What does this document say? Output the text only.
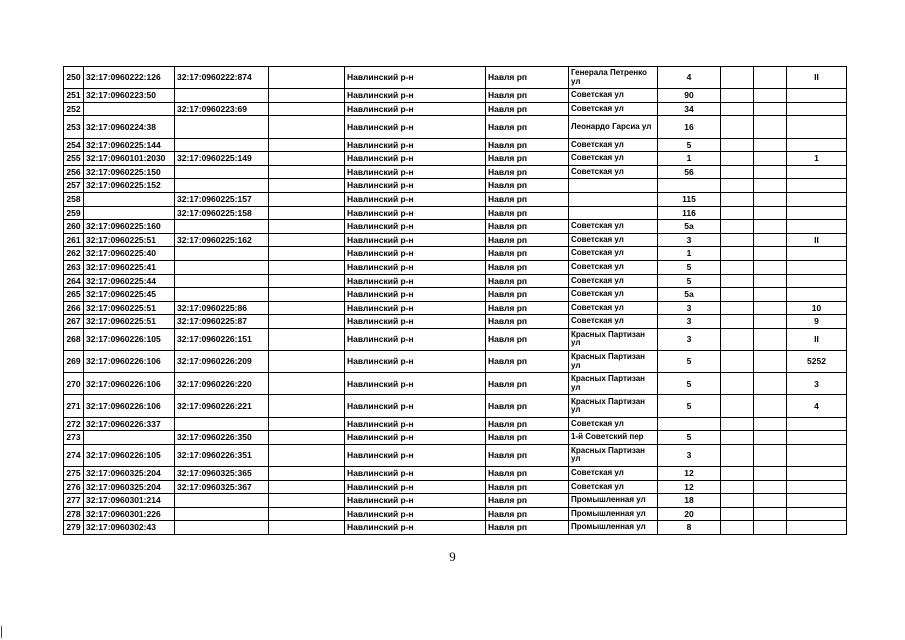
250	32:17:0960222:126	32:17:0960222:874		Навлинский р-н	Навля рп	Генерала Петренко ул	4			II
251	32:17:0960223:50			Навлинский р-н	Навля рп	Советская ул	90			
252		32:17:0960223:69		Навлинский р-н	Навля рп	Советская ул	34			
253	32:17:0960224:38			Навлинский р-н	Навля рп	Леонардо Гарсиа ул	16			
254	32:17:0960225:144			Навлинский р-н	Навля рп	Советская ул	5			
255	32:17:0960101:2030	32:17:0960225:149		Навлинский р-н	Навля рп	Советская ул	1			1
256	32:17:0960225:150			Навлинский р-н	Навля рп	Советская ул	56			
257	32:17:0960225:152			Навлинский р-н	Навля рп					
258		32:17:0960225:157		Навлинский р-н	Навля рп		115			
259		32:17:0960225:158		Навлинский р-н	Навля рп		116			
260	32:17:0960225:160			Навлинский р-н	Навля рп	Советская ул	5а			
261	32:17:0960225:51	32:17:0960225:162		Навлинский р-н	Навля рп	Советская ул	3			II
262	32:17:0960225:40			Навлинский р-н	Навля рп	Советская ул	1			
263	32:17:0960225:41			Навлинский р-н	Навля рп	Советская ул	5			
264	32:17:0960225:44			Навлинский р-н	Навля рп	Советская ул	5			
265	32:17:0960225:45			Навлинский р-н	Навля рп	Советская ул	5а			
266	32:17:0960225:51	32:17:0960225:86		Навлинский р-н	Навля рп	Советская ул	3			10
267	32:17:0960225:51	32:17:0960225:87		Навлинский р-н	Навля рп	Советская ул	3			9
268	32:17:0960226:105	32:17:0960226:151		Навлинский р-н	Навля рп	Красных Партизан ул	3			II
269	32:17:0960226:106	32:17:0960226:209		Навлинский р-н	Навля рп	Красных Партизан ул	5			5252
270	32:17:0960226:106	32:17:0960226:220		Навлинский р-н	Навля рп	Красных Партизан ул	5			3
271	32:17:0960226:106	32:17:0960226:221		Навлинский р-н	Навля рп	Красных Партизан ул	5			4
272	32:17:0960226:337			Навлинский р-н	Навля рп	Советская ул				
273		32:17:0960226:350		Навлинский р-н	Навля рп	1-й Советский пер	5			
274	32:17:0960226:105	32:17:0960226:351		Навлинский р-н	Навля рп	Красных Партизан ул	3			
275	32:17:0960325:204	32:17:0960325:365		Навлинский р-н	Навля рп	Советская ул	12			
276	32:17:0960325:204	32:17:0960325:367		Навлинский р-н	Навля рп	Советская ул	12			
277	32:17:0960301:214			Навлинский р-н	Навля рп	Промышленная ул	18			
278	32:17:0960301:226			Навлинский р-н	Навля рп	Промышленная ул	20			
279	32:17:0960302:43			Навлинский р-н	Навля рп	Промышленная ул	8			
9
